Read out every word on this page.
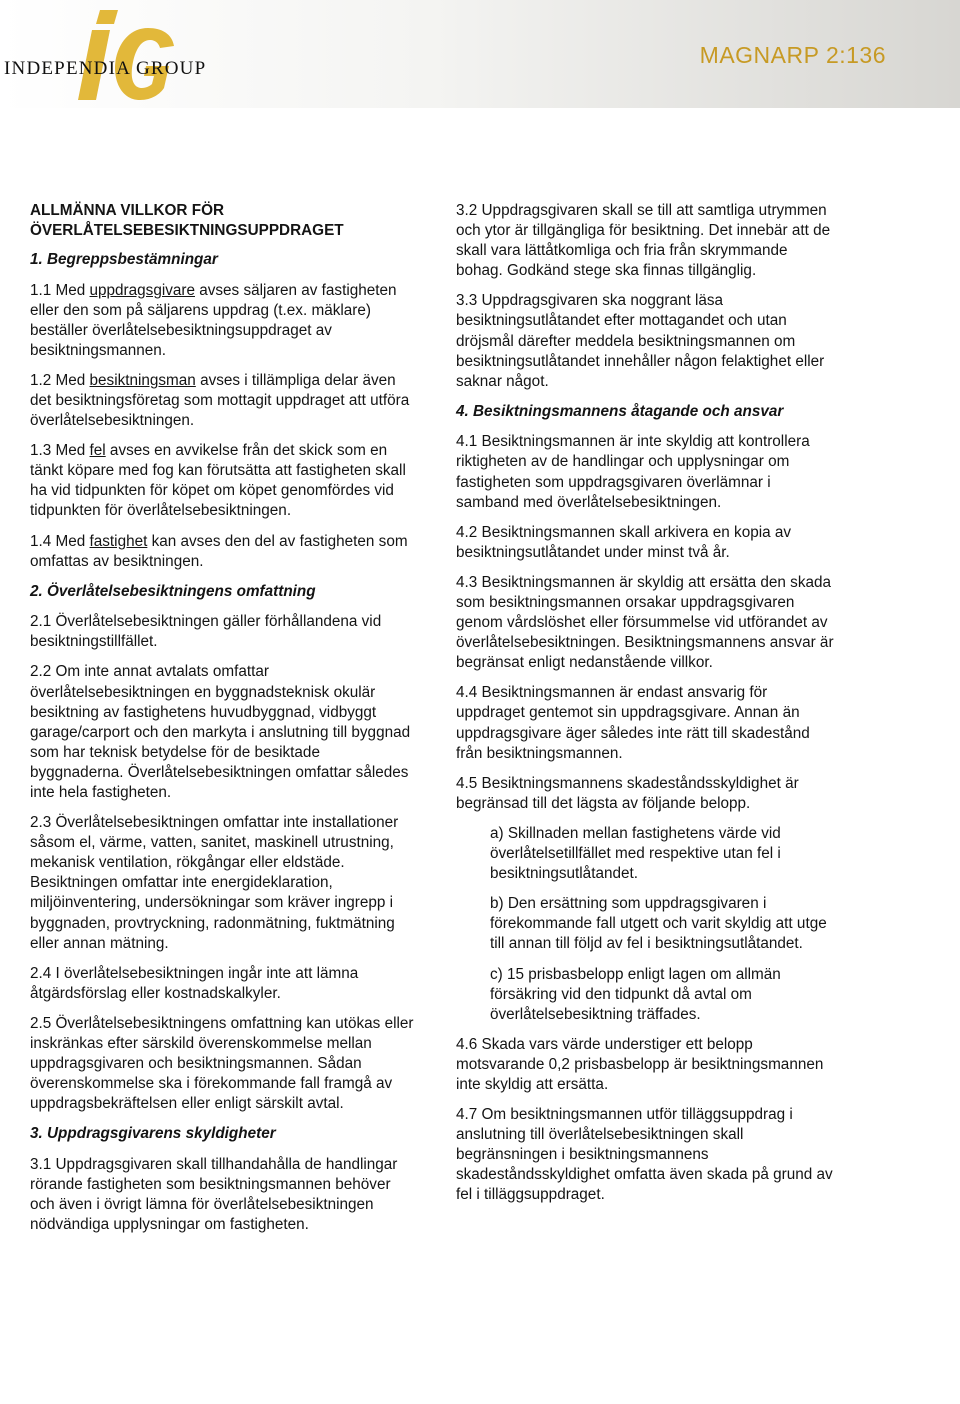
INDEPENDIA GROUP
MAGNARP 2:136
ALLMÄNNA VILLKOR FÖR
ÖVERLÅTELSEBESIKTNINGSUPPDRAGET
1. Begreppsbestämningar
1.1 Med uppdragsgivare avses säljaren av fastigheten eller den som på säljarens uppdrag (t.ex. mäklare) beställer överlåtelsebesiktningsuppdraget av besiktningsmannen.
1.2 Med besiktningsman avses i tillämpliga delar även det besiktningsföretag som mottagit uppdraget att utföra överlåtelsebesiktningen.
1.3 Med fel avses en avvikelse från det skick som en tänkt köpare med fog kan förutsätta att fastigheten skall ha vid tidpunkten för köpet om köpet genomfördes vid tidpunkten för överlåtelsebesiktningen.
1.4 Med fastighet kan avses den del av fastigheten som omfattas av besiktningen.
2. Överlåtelsebesiktningens omfattning
2.1 Överlåtelsebesiktningen gäller förhållandena vid besiktningstillfället.
2.2 Om inte annat avtalats omfattar överlåtelsebesiktningen en byggnadsteknisk okulär besiktning av fastighetens huvudbyggnad, vidbyggt garage/carport och den markyta i anslutning till byggnad som har teknisk betydelse för de besiktade byggnaderna. Överlåtelsebesiktningen omfattar således inte hela fastigheten.
2.3 Överlåtelsebesiktningen omfattar inte installationer såsom el, värme, vatten, sanitet, maskinell utrustning, mekanisk ventilation, rökgångar eller eldstäde. Besiktningen omfattar inte energideklaration, miljöinventering, undersökningar som kräver ingrepp i byggnaden, provtryckning, radonmätning, fuktmätning eller annan mätning.
2.4 I överlåtelsebesiktningen ingår inte att lämna åtgärdsförslag eller kostnadskalkyler.
2.5 Överlåtelsebesiktningens omfattning kan utökas eller inskränkas efter särskild överenskommelse mellan uppdragsgivaren och besiktningsmannen. Sådan överenskommelse ska i förekommande fall framgå av uppdragsbekräftelsen eller enligt särskilt avtal.
3. Uppdragsgivarens skyldigheter
3.1 Uppdragsgivaren skall tillhandahålla de handlingar rörande fastigheten som besiktningsmannen behöver och även i övrigt lämna för överlåtelsebesiktningen nödvändiga upplysningar om fastigheten.
3.2 Uppdragsgivaren skall se till att samtliga utrymmen och ytor är tillgängliga för besiktning. Det innebär att de skall vara lättåtkomliga och fria från skrymmande bohag. Godkänd stege ska finnas tillgänglig.
3.3 Uppdragsgivaren ska noggrant läsa besiktningsutlåtandet efter mottagandet och utan dröjsmål därefter meddela besiktningsmannen om besiktningsutlåtandet innehåller någon felaktighet eller saknar något.
4. Besiktningsmannens åtagande och ansvar
4.1 Besiktningsmannen är inte skyldig att kontrollera riktigheten av de handlingar och upplysningar om fastigheten som uppdragsgivaren överlämnar i samband med överlåtelsebesiktningen.
4.2 Besiktningsmannen skall arkivera en kopia av besiktningsutlåtandet under minst två år.
4.3 Besiktningsmannen är skyldig att ersätta den skada som besiktningsmannen orsakar uppdragsgivaren genom vårdslöshet eller försummelse vid utförandet av överlåtelsebesiktningen. Besiktningsmannens ansvar är begränsat enligt nedanstående villkor.
4.4 Besiktningsmannen är endast ansvarig för uppdraget gentemot sin uppdragsgivare. Annan än uppdragsgivare äger således inte rätt till skadestånd från besiktningsmannen.
4.5 Besiktningsmannens skadeståndsskyldighet är begränsad till det lägsta av följande belopp.
a) Skillnaden mellan fastighetens värde vid överlåtelsetillfället med respektive utan fel i besiktningsutlåtandet.
b) Den ersättning som uppdragsgivaren i förekommande fall utgett och varit skyldig att utge till annan till följd av fel i besiktningsutlåtandet.
c) 15 prisbasbelopp enligt lagen om allmän försäkring vid den tidpunkt då avtal om överlåtelsebesiktning träffades.
4.6 Skada vars värde understiger ett belopp motsvarande 0,2 prisbasbelopp är besiktningsmannen inte skyldig att ersätta.
4.7 Om besiktningsmannen utför tilläggsuppdrag i anslutning till överlåtelsebesiktningen skall begränsningen i besiktningsmannens skadeståndsskyldighet omfatta även skada på grund av fel i tilläggsuppdraget.
